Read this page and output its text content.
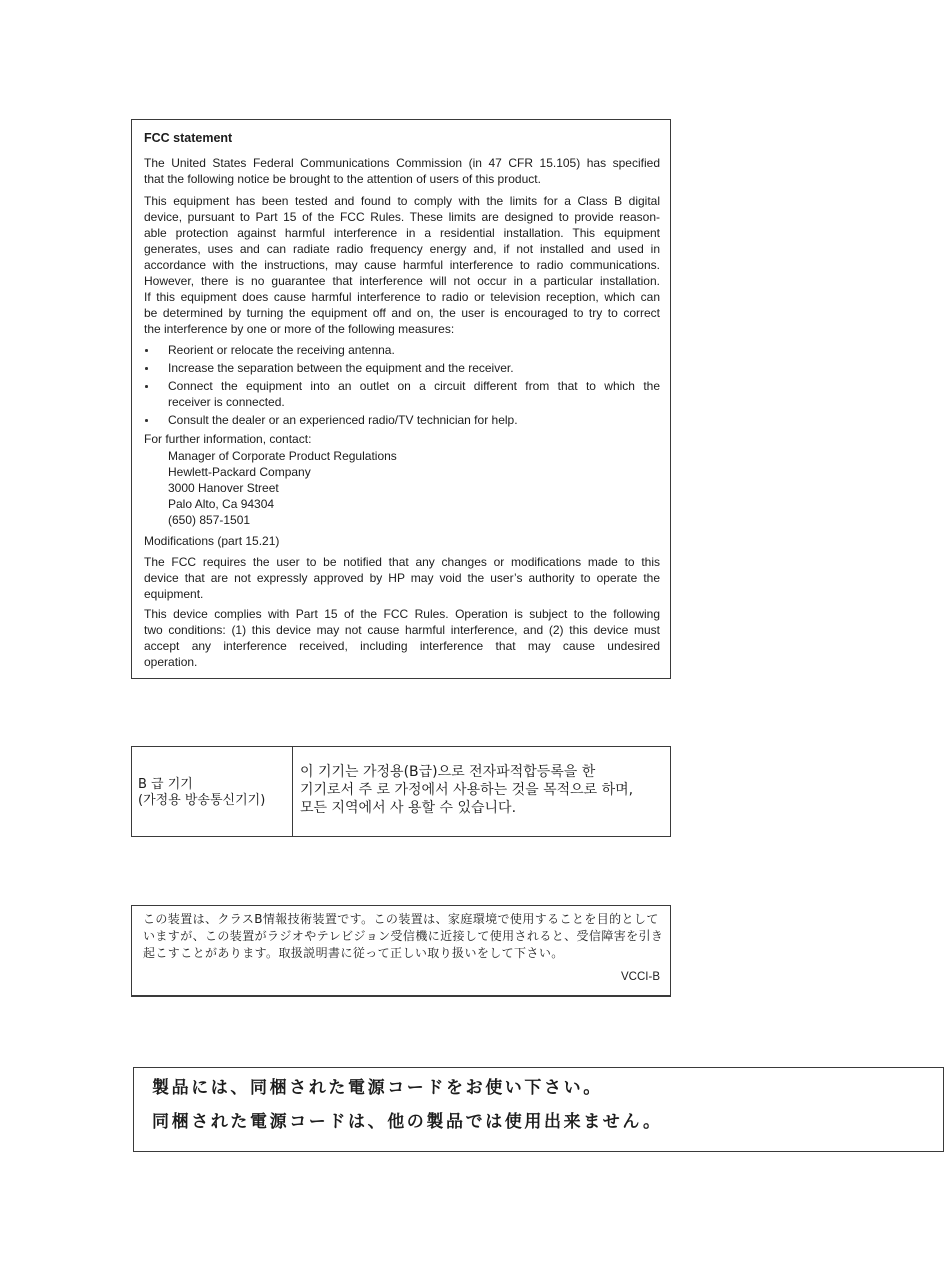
FCC statement
The United States Federal Communications Commission (in 47 CFR 15.105) has specified
that the following notice be brought to the attention of users of this product.
This equipment has been tested and found to comply with the limits for a Class B digital
device, pursuant to Part 15 of the FCC Rules. These limits are designed to provide reason-
able protection against harmful interference in a residential installation. This equipment
generates, uses and can radiate radio frequency energy and, if not installed and used in
accordance with the instructions, may cause harmful interference to radio communications.
However, there is no guarantee that interference will not occur in a particular installation.
If this equipment does cause harmful interference to radio or television reception, which can
be determined by turning the equipment off and on, the user is encouraged to try to correct
the interference by one or more of the following measures:
Reorient or relocate the receiving antenna.
Increase the separation between the equipment and the receiver.
Connect the equipment into an outlet on a circuit different from that to which the
receiver is connected.
Consult the dealer or an experienced radio/TV technician for help.
For further information, contact:
Manager of Corporate Product Regulations
Hewlett-Packard Company
3000 Hanover Street
Palo Alto, Ca 94304
(650) 857-1501
Modifications (part 15.21)
The FCC requires the user to be notified that any changes or modifications made to this
device that are not expressly approved by HP may void the user’s authority to operate the
equipment.
This device complies with Part 15 of the FCC Rules. Operation is subject to the following
two conditions: (1) this device may not cause harmful interference, and (2) this device must
accept any interference received, including interference that may cause undesired
operation.
B 급 기기
(가정용 방송통신기기)
이 기기는 가정용(B급)으로 전자파적합등록을 한
기기로서 주 로 가정에서 사용하는 것을 목적으로 하며,
모든 지역에서 사 용할 수 있습니다.
この装置は、クラスB情報技術装置です。この装置は、家庭環境で使用することを目的として
いますが、この装置がラジオやテレビジョン受信機に近接して使用されると、受信障害を引き
起こすことがあります。取扱説明書に従って正しい取り扱いをして下さい。
VCCI-B
製品には、同梱された電源コードをお使い下さい。
同梱された電源コードは、他の製品では使用出来ません。
